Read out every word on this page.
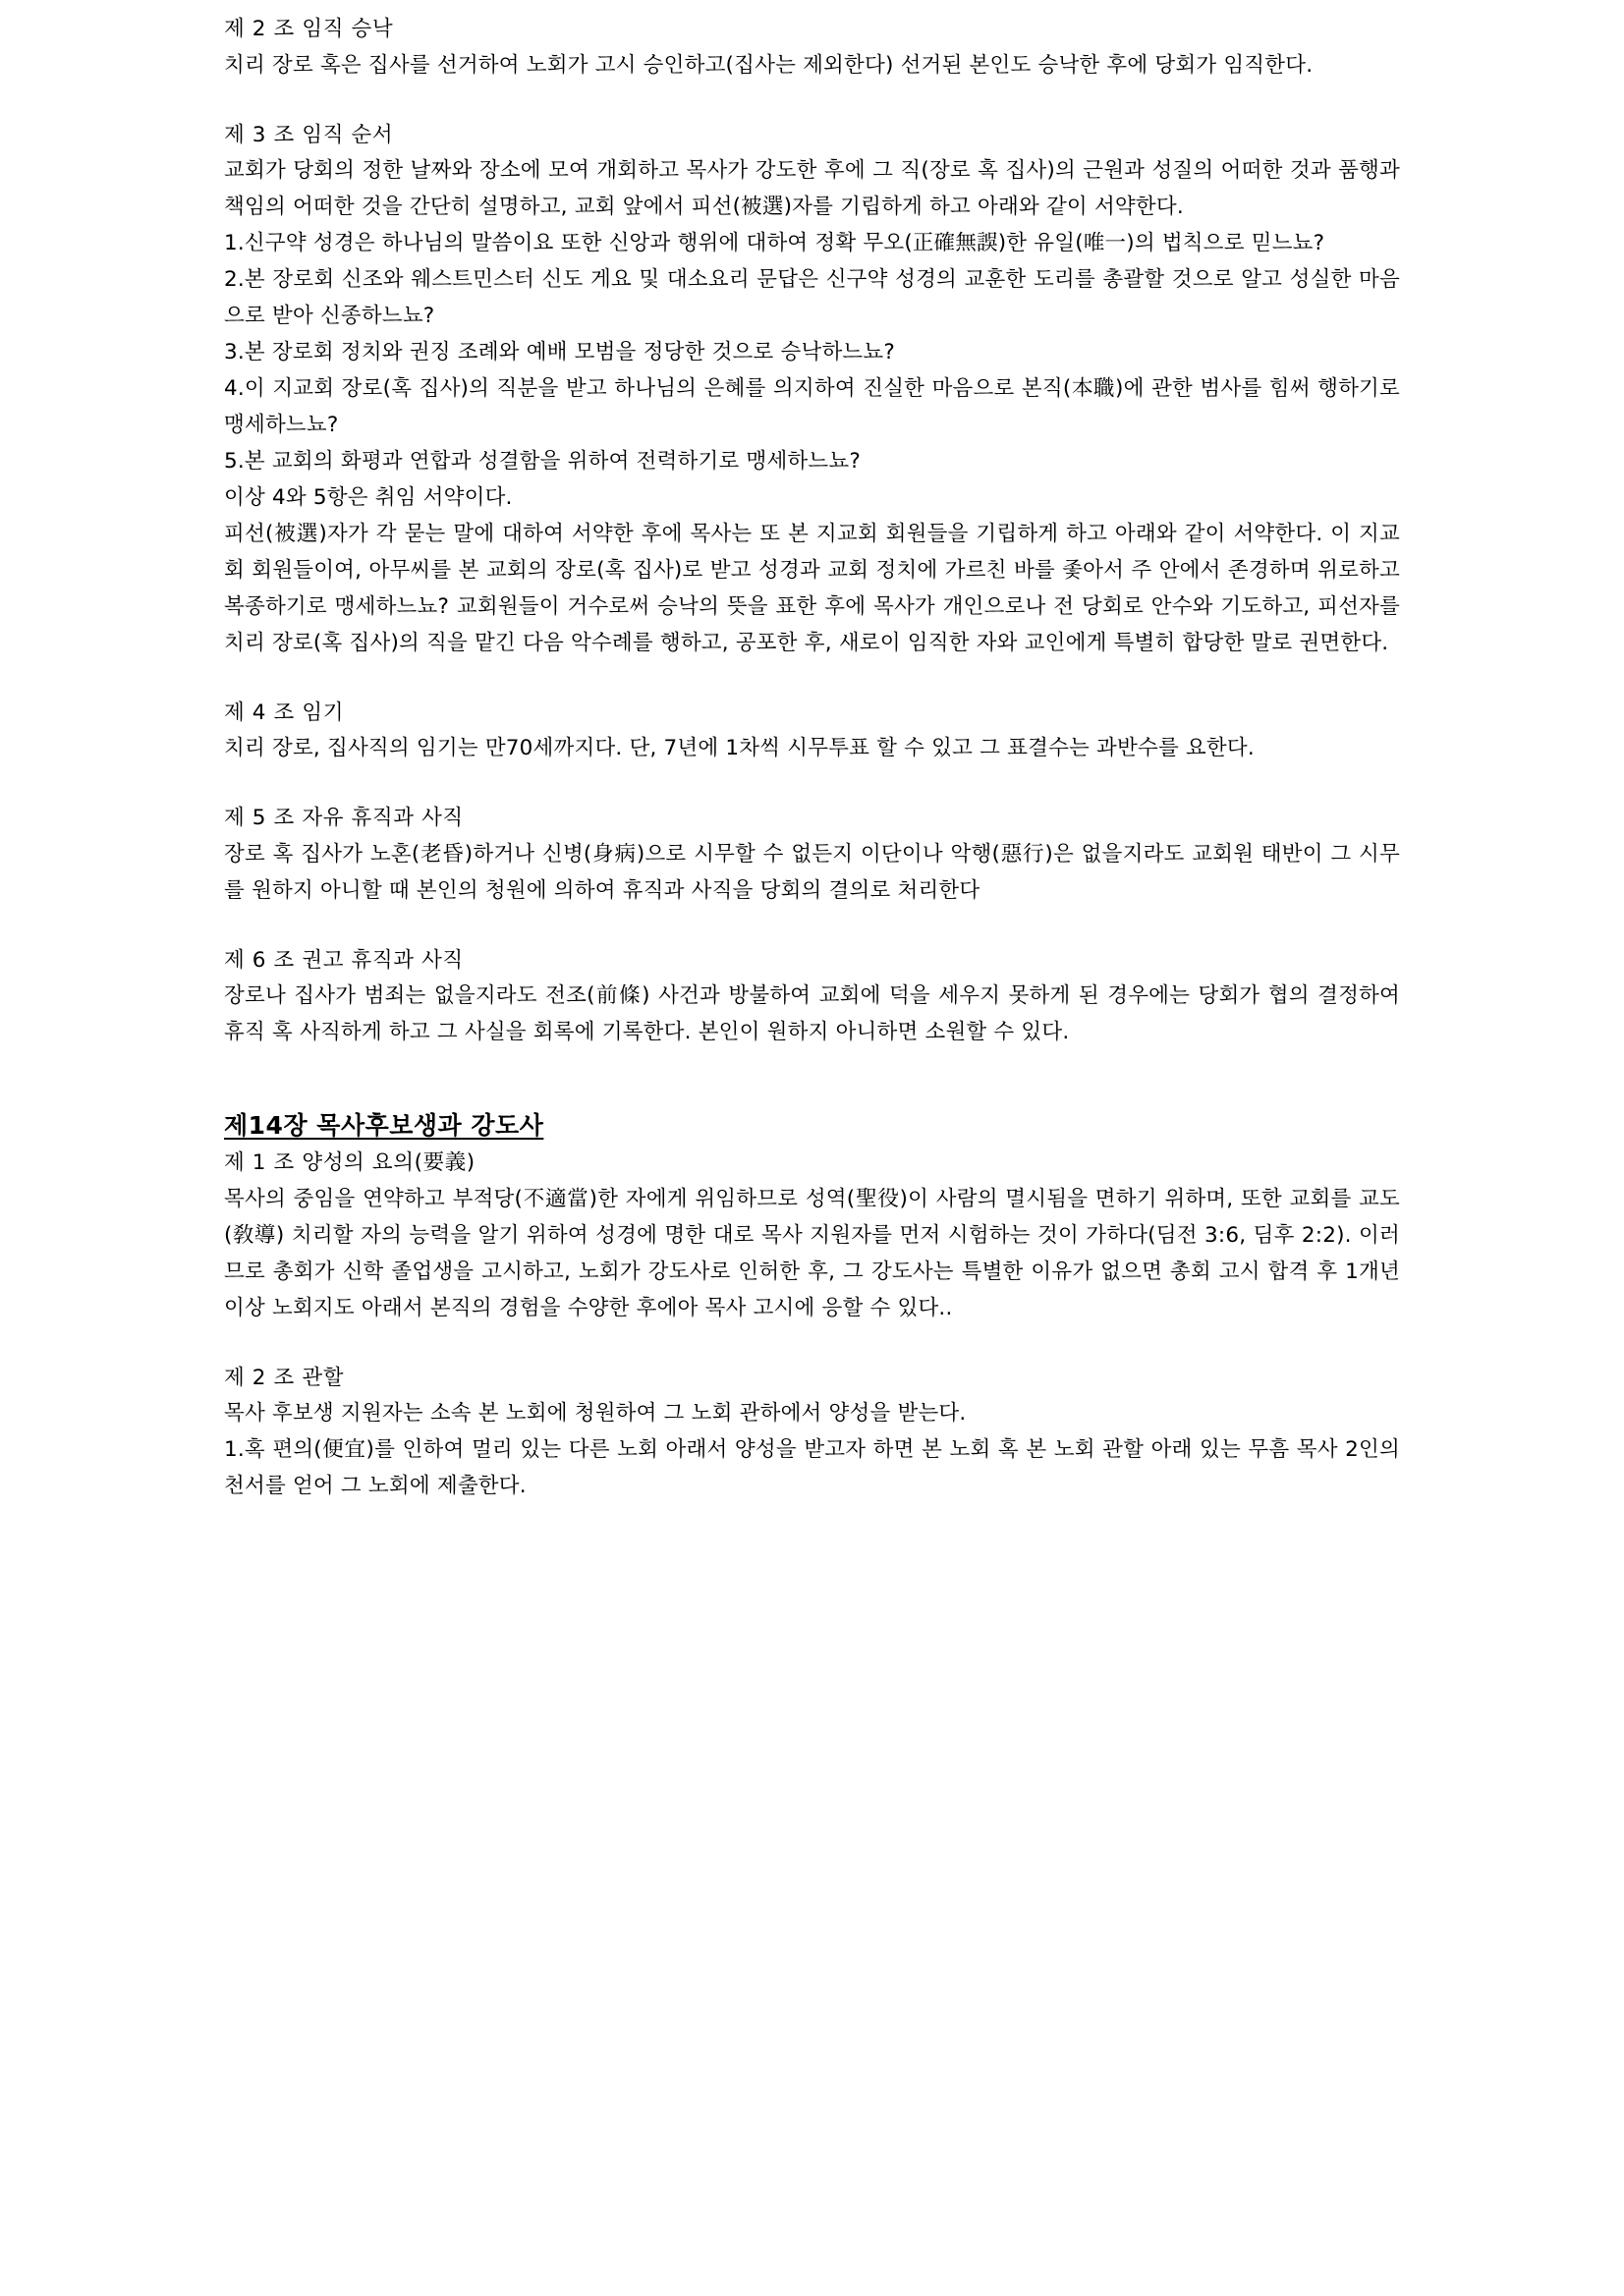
제 2 조 임직 승낙

치리 장로 혹은 집사를 선거하여 노회가 고시 승인하고(집사는 제외한다) 선거된 본인도 승낙한 후에 당회가 임직한다.

제 3 조 임직 순서

교회가 당회의 정한 날짜와 장소에 모여 개회하고 목사가 강도한 후에 그 직(장로 혹 집사)의 근원과 성질의 어떠한 것과 품행과 책임의 어떠한 것을 간단히 설명하고, 교회 앞에서 피선(被選)자를 기립하게 하고 아래와 같이 서약한다.

1.신구약 성경은 하나님의 말씀이요 또한 신앙과 행위에 대하여 정확 무오(正確無誤)한 유일(唯一)의 법칙으로 믿느뇨?

2.본 장로회 신조와 웨스트민스터 신도 게요 및 대소요리 문답은 신구약 성경의 교훈한 도리를 총괄할 것으로 알고 성실한 마음으로 받아 신종하느뇨?

3.본 장로회 정치와 권징 조례와 예배 모범을 정당한 것으로 승낙하느뇨?

4.이 지교회 장로(혹 집사)의 직분을 받고 하나님의 은혜를 의지하여 진실한 마음으로 본직(本職)에 관한 범사를 힘써 행하기로 맹세하느뇨?

5.본 교회의 화평과 연합과 성결함을 위하여 전력하기로 맹세하느뇨?

이상 4와 5항은 취임 서약이다.

피선(被選)자가 각 묻는 말에 대하여 서약한 후에 목사는 또 본 지교회 회원들을 기립하게 하고 아래와 같이 서약한다. 이 지교회 회원들이여, 아무씨를 본 교회의 장로(혹 집사)로 받고 성경과 교회 정치에 가르친 바를 좇아서 주 안에서 존경하며 위로하고 복종하기로 맹세하느뇨? 교회원들이 거수로써 승낙의 뜻을 표한 후에 목사가 개인으로나 전 당회로 안수와 기도하고, 피선자를 치리 장로(혹 집사)의 직을 맡긴 다음 악수례를 행하고, 공포한 후, 새로이 임직한 자와 교인에게 특별히 합당한 말로 권면한다.

제 4 조 임기

치리 장로, 집사직의 임기는 만70세까지다. 단, 7년에 1차씩 시무투표 할 수 있고 그 표결수는 과반수를 요한다.

제 5 조 자유 휴직과 사직

장로 혹 집사가 노혼(老昏)하거나 신병(身病)으로 시무할 수 없든지 이단이나 악행(惡行)은 없을지라도 교회원 태반이 그 시무를 원하지 아니할 때 본인의 청원에 의하여 휴직과 사직을 당회의 결의로 처리한다

제 6 조 권고 휴직과 사직

장로나 집사가 범죄는 없을지라도 전조(前條) 사건과 방불하여 교회에 덕을 세우지 못하게 된 경우에는 당회가 협의 결정하여 휴직 혹 사직하게 하고 그 사실을 회록에 기록한다. 본인이 원하지 아니하면 소원할 수 있다.

제14장 목사후보생과 강도사

제 1 조 양성의 요의(要義)

목사의 중임을 연약하고 부적당(不適當)한 자에게 위임하므로 성역(聖役)이 사람의 멸시됨을 면하기 위하며, 또한 교회를 교도(敎導) 치리할 자의 능력을 알기 위하여 성경에 명한 대로 목사 지원자를 먼저 시험하는 것이 가하다(딤전 3:6, 딤후 2:2). 이러므로 총회가 신학 졸업생을 고시하고, 노회가 강도사로 인허한 후, 그 강도사는 특별한 이유가 없으면 총회 고시 합격 후 1개년 이상 노회지도 아래서 본직의 경험을 수양한 후에아 목사 고시에 응할 수 있다..

제 2 조 관할

목사 후보생 지원자는 소속 본 노회에 청원하여 그 노회 관하에서 양성을 받는다.

1.혹 편의(便宜)를 인하여 멀리 있는 다른 노회 아래서 양성을 받고자 하면 본 노회 혹 본 노회 관할 아래 있는 무흠 목사 2인의 천서를 얻어 그 노회에 제출한다.
